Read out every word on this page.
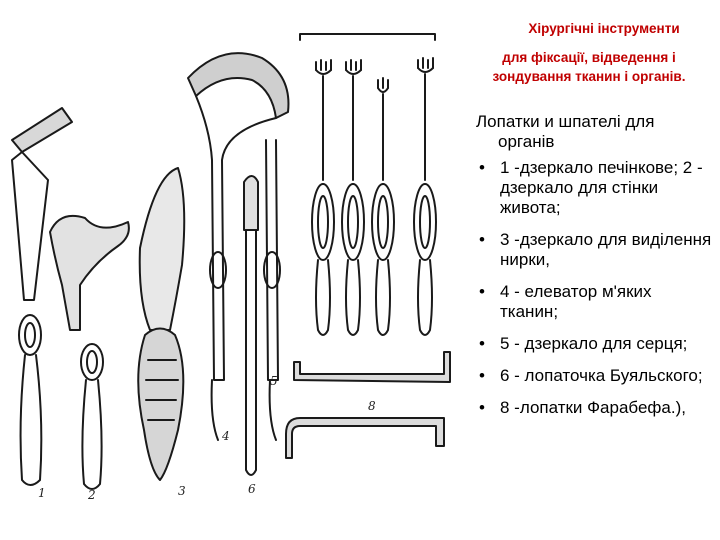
1	2	3	6
4
5
8
Хірургічні інструменти
для фіксації, відведення і зондування тканин і органів.

Лопатки и шпателі для органів

• 1 -дзеркало печінкове; 2 - дзеркало для стінки живота;
• 3 -дзеркало для виділення нирки,
• 4 - елеватор м'яких тканин;
• 5 - дзеркало для серця;
• 6 - лопаточка Буяльского;
• 8 -лопатки Фарабефа.),
